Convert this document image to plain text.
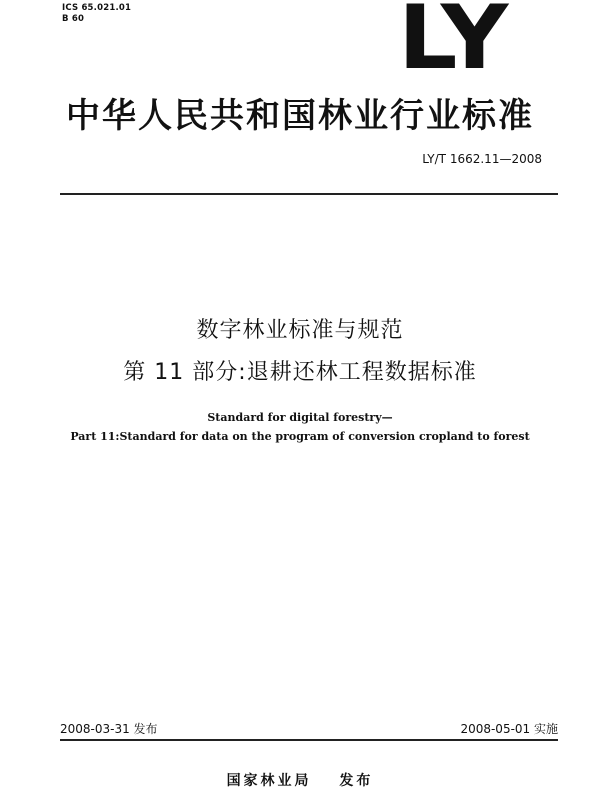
ICS 65.021.01
B 60	LY
中华人民共和国林业行业标准
LY/T 1662.11—2008
数字林业标准与规范
第 11 部分:退耕还林工程数据标准
Standard for digital forestry—
Part 11:Standard for data on the program of conversion cropland to forest
2008-03-31 发布	2008-05-01 实施
国家林业局 发布
